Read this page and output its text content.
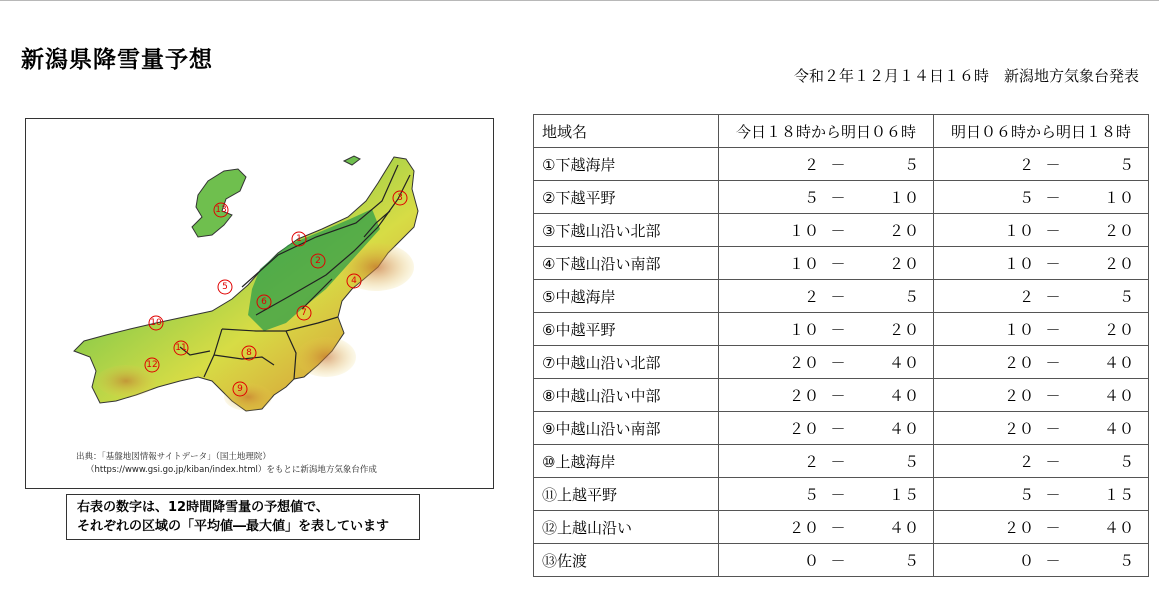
新潟県降雪量予想
令和２年１２月１４日１６時　新潟地方気象台発表
1
2
3
4
5
6
7
8
9
10
11
12
13
出典：「基盤地図情報サイトデータ」（国土地理院）
（https://www.gsi.go.jp/kiban/index.html）をもとに新潟地方気象台作成
右表の数字は、12時間降雪量の予想値で、
それぞれの区域の「平均値―最大値」を表しています
地域名	今日１８時から明日０６時	明日０６時から明日１８時
①下越海岸	２ － ５	２ － ５

②下越平野	５ － １０	５ － １０

③下越山沿い北部	１０ － ２０	１０ － ２０

④下越山沿い南部	１０ － ２０	１０ － ２０

⑤中越海岸	２ － ５	２ － ５

⑥中越平野	１０ － ２０	１０ － ２０

⑦中越山沿い北部	２０ － ４０	２０ － ４０

⑧中越山沿い中部	２０ － ４０	２０ － ４０

⑨中越山沿い南部	２０ － ４０	２０ － ４０

⑩上越海岸	２ － ５	２ － ５

⑪上越平野	５ － １５	５ － １５

⑫上越山沿い	２０ － ４０	２０ － ４０

⑬佐渡	０ － ５	０ － ５
